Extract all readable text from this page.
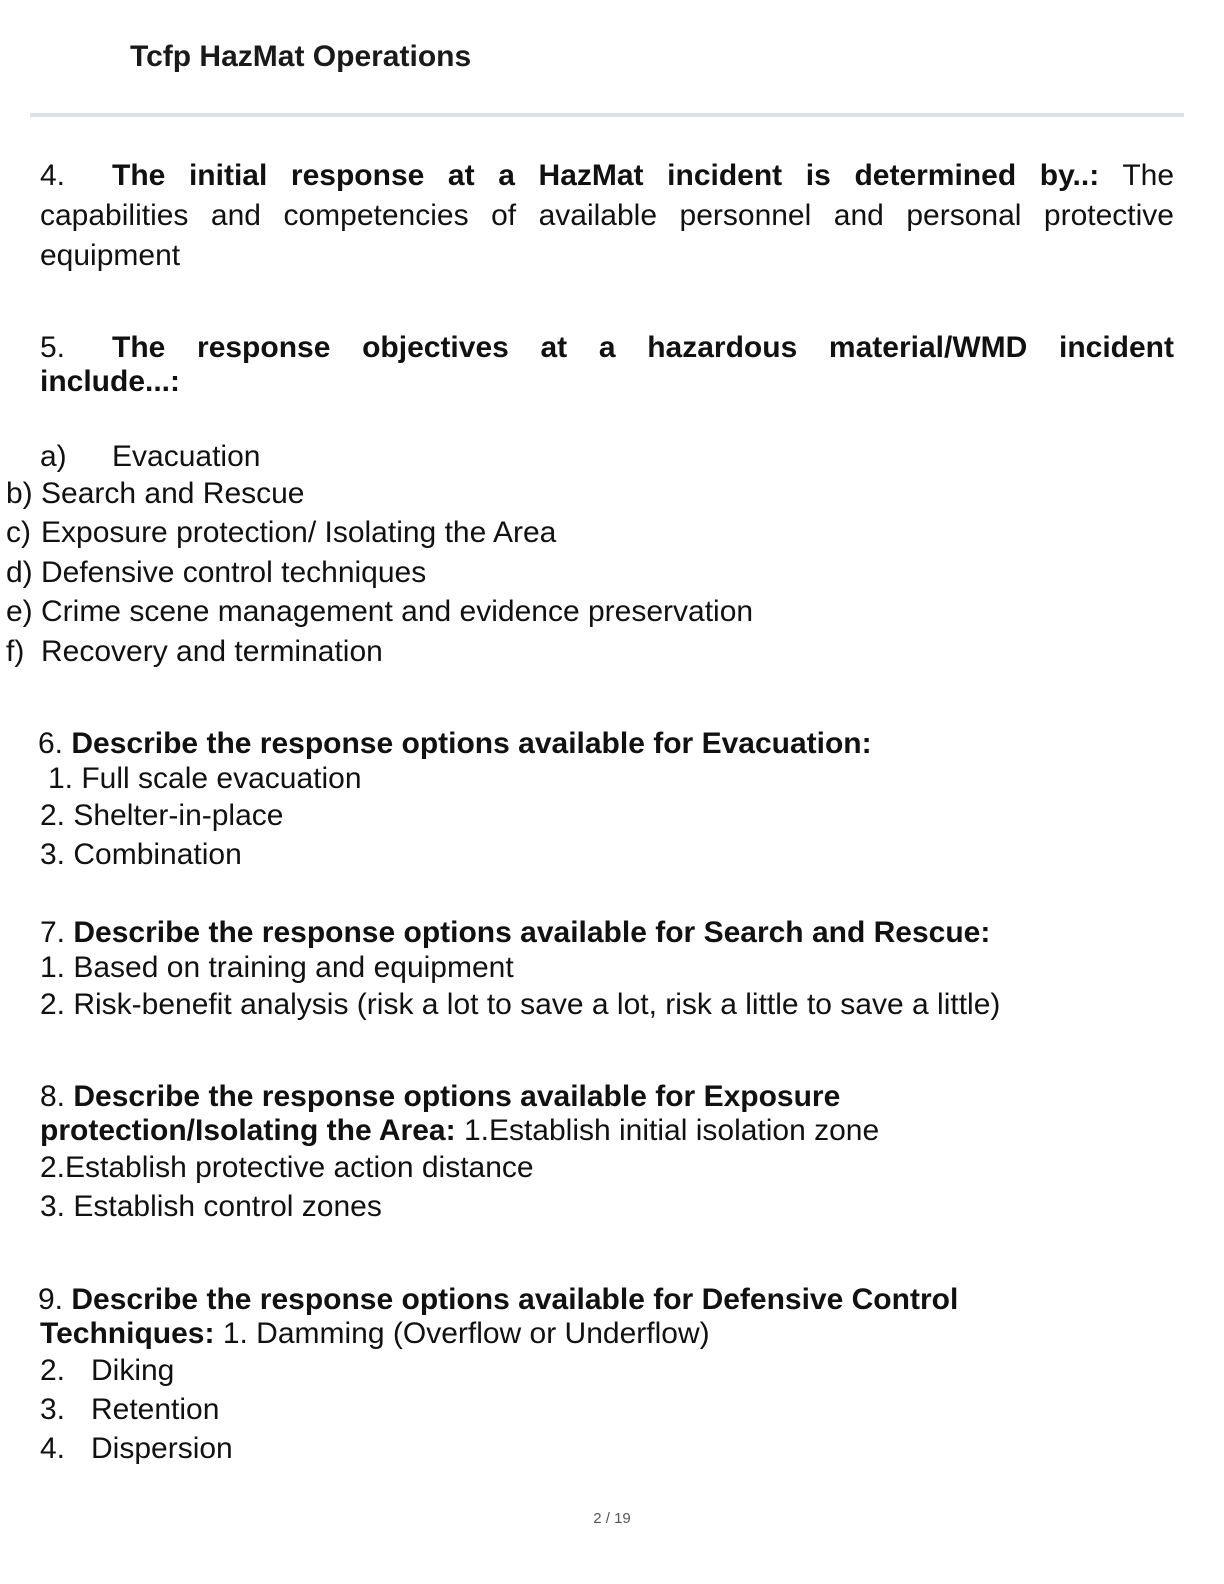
Tcfp HazMat Operations
4. The initial response at a HazMat incident is determined by..: The
capabilities and competencies of available personnel and personal protective
equipment
5. The response objectives at a hazardous material/WMD incident
include...:
a) Evacuation
b) Search and Rescue
c) Exposure protection/ Isolating the Area
d) Defensive control techniques
e) Crime scene management and evidence preservation
f) Recovery and termination
6. Describe the response options available for Evacuation:
1. Full scale evacuation
2. Shelter-in-place
3. Combination
7. Describe the response options available for Search and Rescue:
1. Based on training and equipment
2. Risk-benefit analysis (risk a lot to save a lot, risk a little to save a little)
8. Describe the response options available for Exposure
protection/Isolating the Area: 1.Establish initial isolation zone
2.Establish protective action distance
3. Establish control zones
9. Describe the response options available for Defensive Control
Techniques: 1. Damming (Overflow or Underflow)
2. Diking
3. Retention
4. Dispersion
2 / 19
